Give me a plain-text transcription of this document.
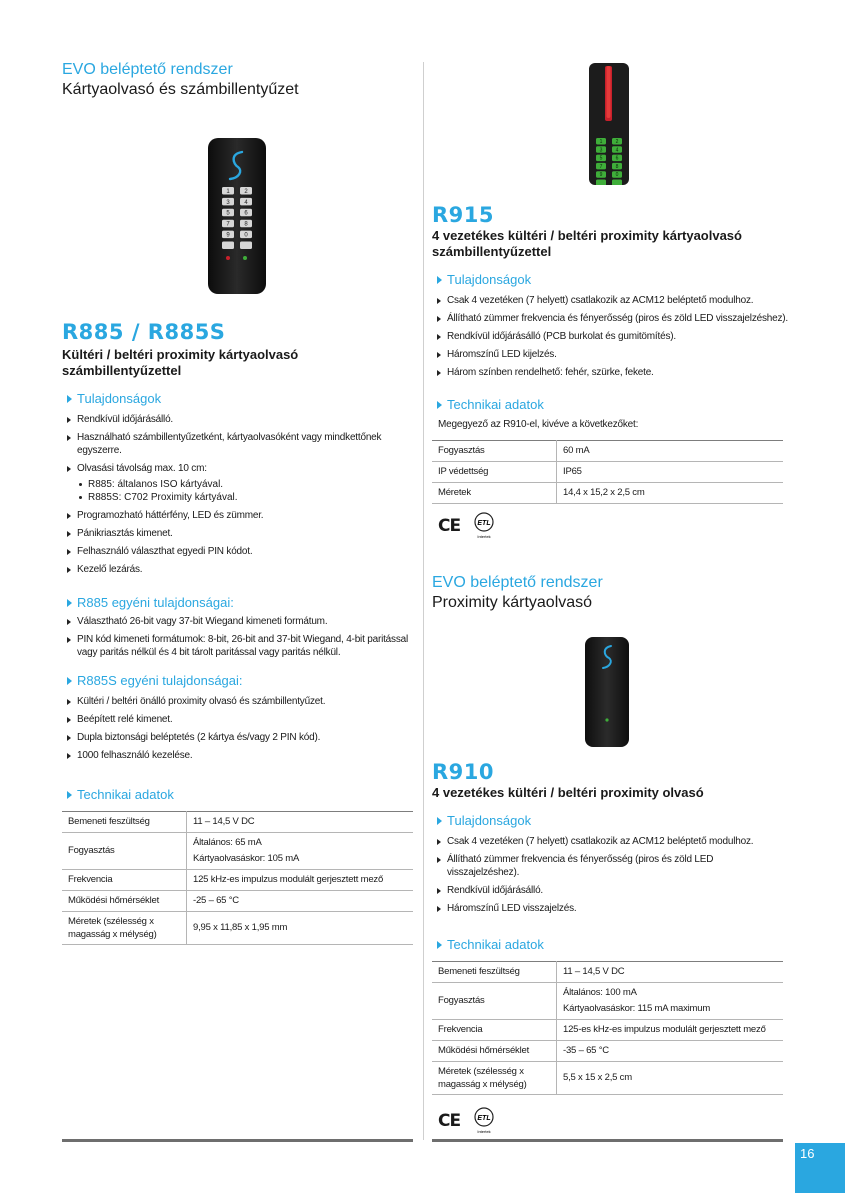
EVO beléptető rendszer
Kártyaolvasó és számbillentyűzet
1 2
3 4
5 6
7 8
9 0
R885 / R885S
Kültéri / beltéri proximity kártyaolvasó
számbillentyűzettel
Tulajdonságok
Rendkívül időjárásálló.
Használható számbillentyűzetként, kártyaolvasóként vagy mindkettőnek egyszerre.
Olvasási távolság max. 10 cm:
R885: általanos ISO kártyával.
R885S: C702 Proximity kártyával.
Programozható háttérfény, LED és zümmer.
Pánikriasztás kimenet.
Felhasználó választhat egyedi PIN kódot.
Kezelő lezárás.
R885 egyéni tulajdonságai:
Választható 26-bit vagy 37-bit Wiegand kimeneti formátum.
PIN kód kimeneti formátumok: 8-bit, 26-bit and 37-bit Wiegand, 4-bit paritással vagy paritás nélkül és 4 bit tárolt paritással vagy paritás nélkül.
R885S egyéni tulajdonságai:
Kültéri / beltéri önálló proximity olvasó és számbillentyűzet.
Beépített relé kimenet.
Dupla biztonsági beléptetés (2 kártya és/vagy 2 PIN kód).
1000 felhasználó kezelése.
Technikai adatok
Bemeneti feszültség	11 – 14,5 V DC
Fogyasztás	Általános: 65 mA
Kártyaolvasáskor: 105 mA

Frekvencia	125 kHz-es impulzus modulált gerjesztett mező
Működési hőmérséklet	-25 – 65 °C
Méretek (szélesség x magasság x mélység)	9,95 x 11,85 x 1,95 mm
1	2
3	4
5	6
7	8
9	0
R915
4 vezetékes kültéri / beltéri proximity kártyaolvasó
számbillentyűzettel
Tulajdonságok
Csak 4 vezetéken (7 helyett) csatlakozik az ACM12 beléptető modulhoz.
Állítható zümmer frekvencia és fényerősség (piros és zöld LED visszajelzéshez).
Rendkívül időjárásálló (PCB burkolat és gumitömítés).
Háromszínű LED kijelzés.
Három színben rendelhető: fehér, szürke, fekete.
Technikai adatok
Megegyező az R910-el, kivéve a következőket:
Fogyasztás	60 mA
IP védettség	IP65
Méretek	14,4 x 15,2 x 2,5 cm
CE ETL
Intertek
EVO beléptető rendszer
Proximity kártyaolvasó
R910
4 vezetékes kültéri / beltéri proximity olvasó
Tulajdonságok
Csak 4 vezetéken (7 helyett) csatlakozik az ACM12 beléptető modulhoz.
Állítható zümmer frekvencia és fényerősség (piros és zöld LED visszajelzéshez).
Rendkívül időjárásálló.
Háromszínű LED visszajelzés.
Technikai adatok
Bemeneti feszültség	11 – 14,5 V DC
Fogyasztás	Általános: 100 mA
Kártyaolvasáskor: 115 mA maximum

Frekvencia	125-es kHz-es impulzus modulált gerjesztett mező
Működési hőmérséklet	-35 – 65 °C
Méretek (szélesség x magasság x mélység)	5,5 x 15 x 2,5 cm
CE ETL
Intertek
16
